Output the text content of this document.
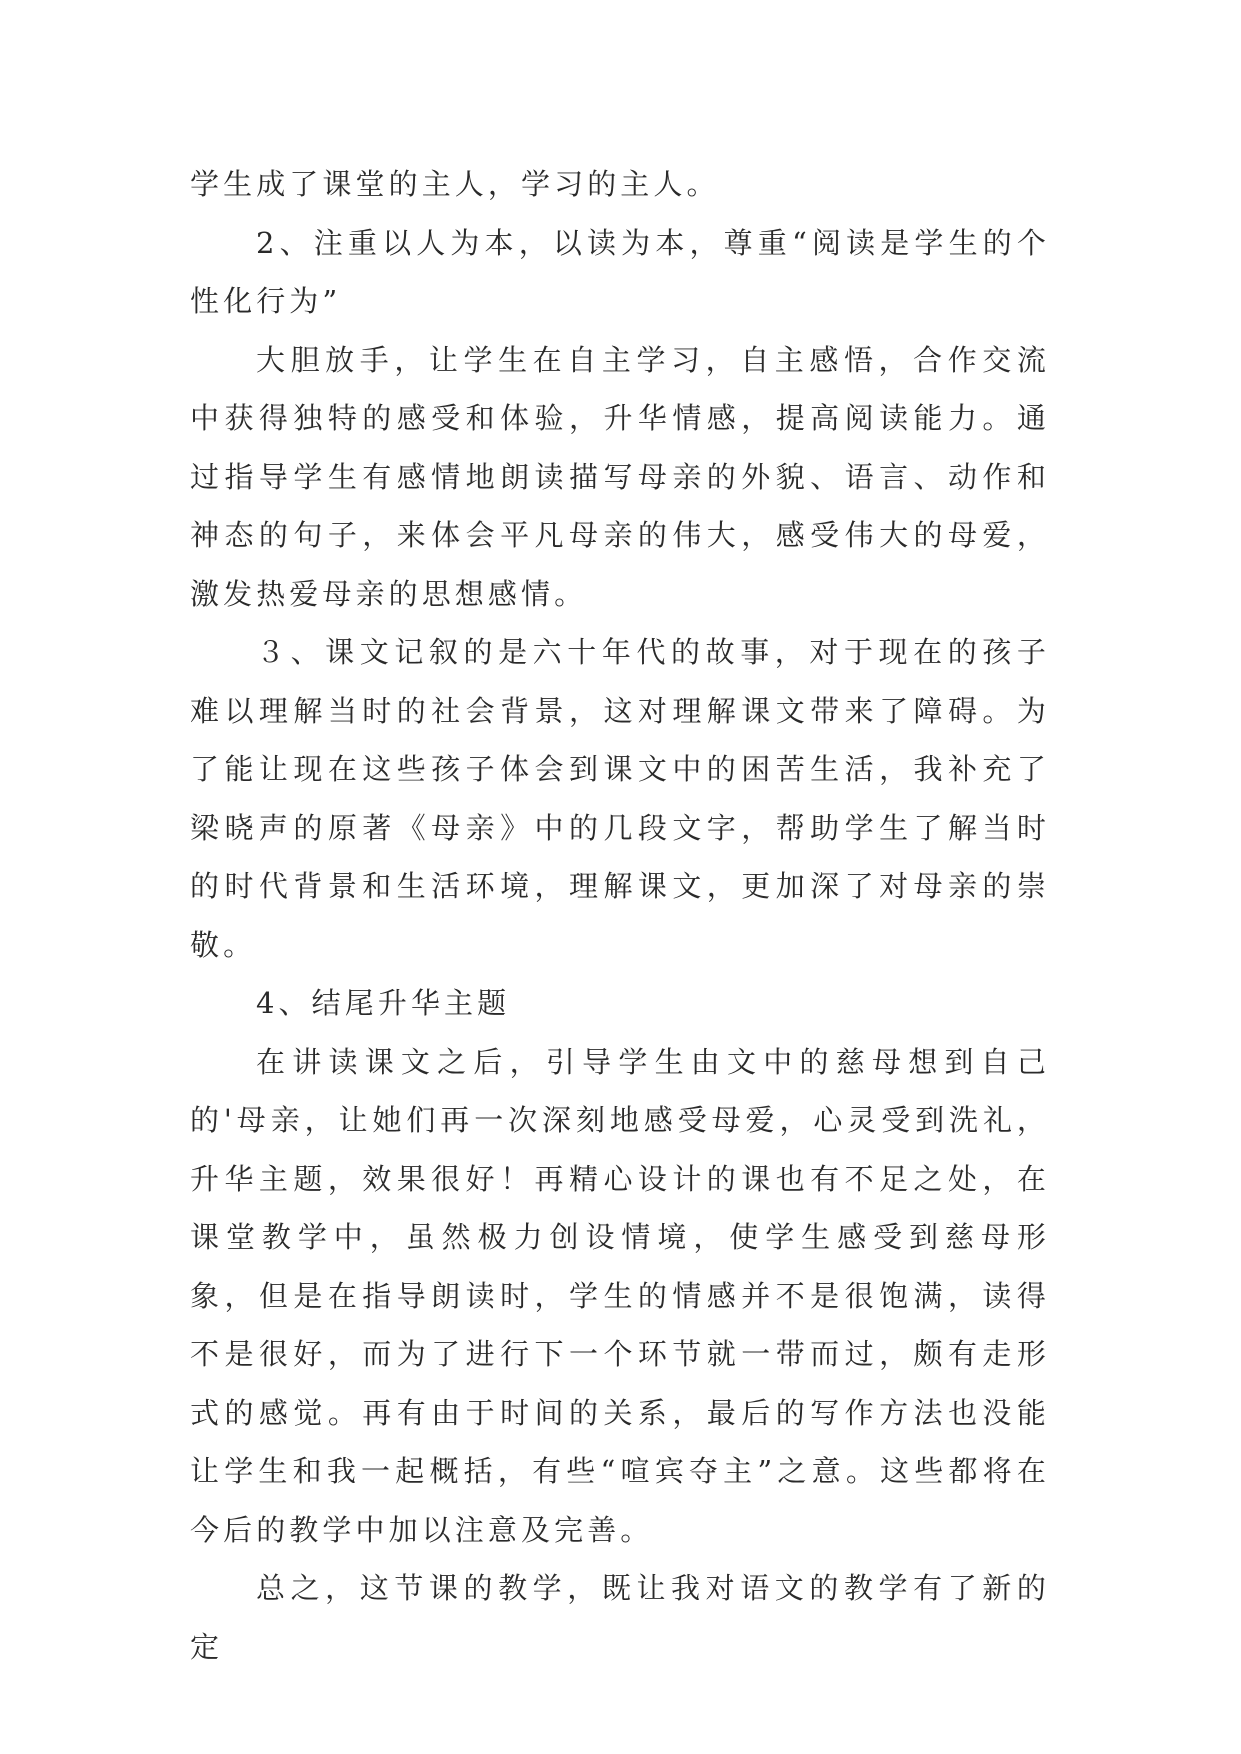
学生成了课堂的主人，学习的主人。

2、注重以人为本，以读为本，尊重“阅读是学生的个性化行为”

大胆放手，让学生在自主学习，自主感悟，合作交流中获得独特的感受和体验，升华情感，提高阅读能力。通过指导学生有感情地朗读描写母亲的外貌、语言、动作和神态的句子，来体会平凡母亲的伟大，感受伟大的母爱，激发热爱母亲的思想感情。

３、课文记叙的是六十年代的故事，对于现在的孩子难以理解当时的社会背景，这对理解课文带来了障碍。为了能让现在这些孩子体会到课文中的困苦生活，我补充了梁晓声的原著《母亲》中的几段文字，帮助学生了解当时的时代背景和生活环境，理解课文，更加深了对母亲的崇敬。

4、结尾升华主题

在讲读课文之后，引导学生由文中的慈母想到自己的'母亲，让她们再一次深刻地感受母爱，心灵受到洗礼，升华主题，效果很好！再精心设计的课也有不足之处，在课堂教学中，虽然极力创设情境，使学生感受到慈母形象，但是在指导朗读时，学生的情感并不是很饱满，读得不是很好，而为了进行下一个环节就一带而过，颇有走形式的感觉。再有由于时间的关系，最后的写作方法也没能让学生和我一起概括，有些“喧宾夺主”之意。这些都将在今后的教学中加以注意及完善。

总之，这节课的教学，既让我对语文的教学有了新的定
